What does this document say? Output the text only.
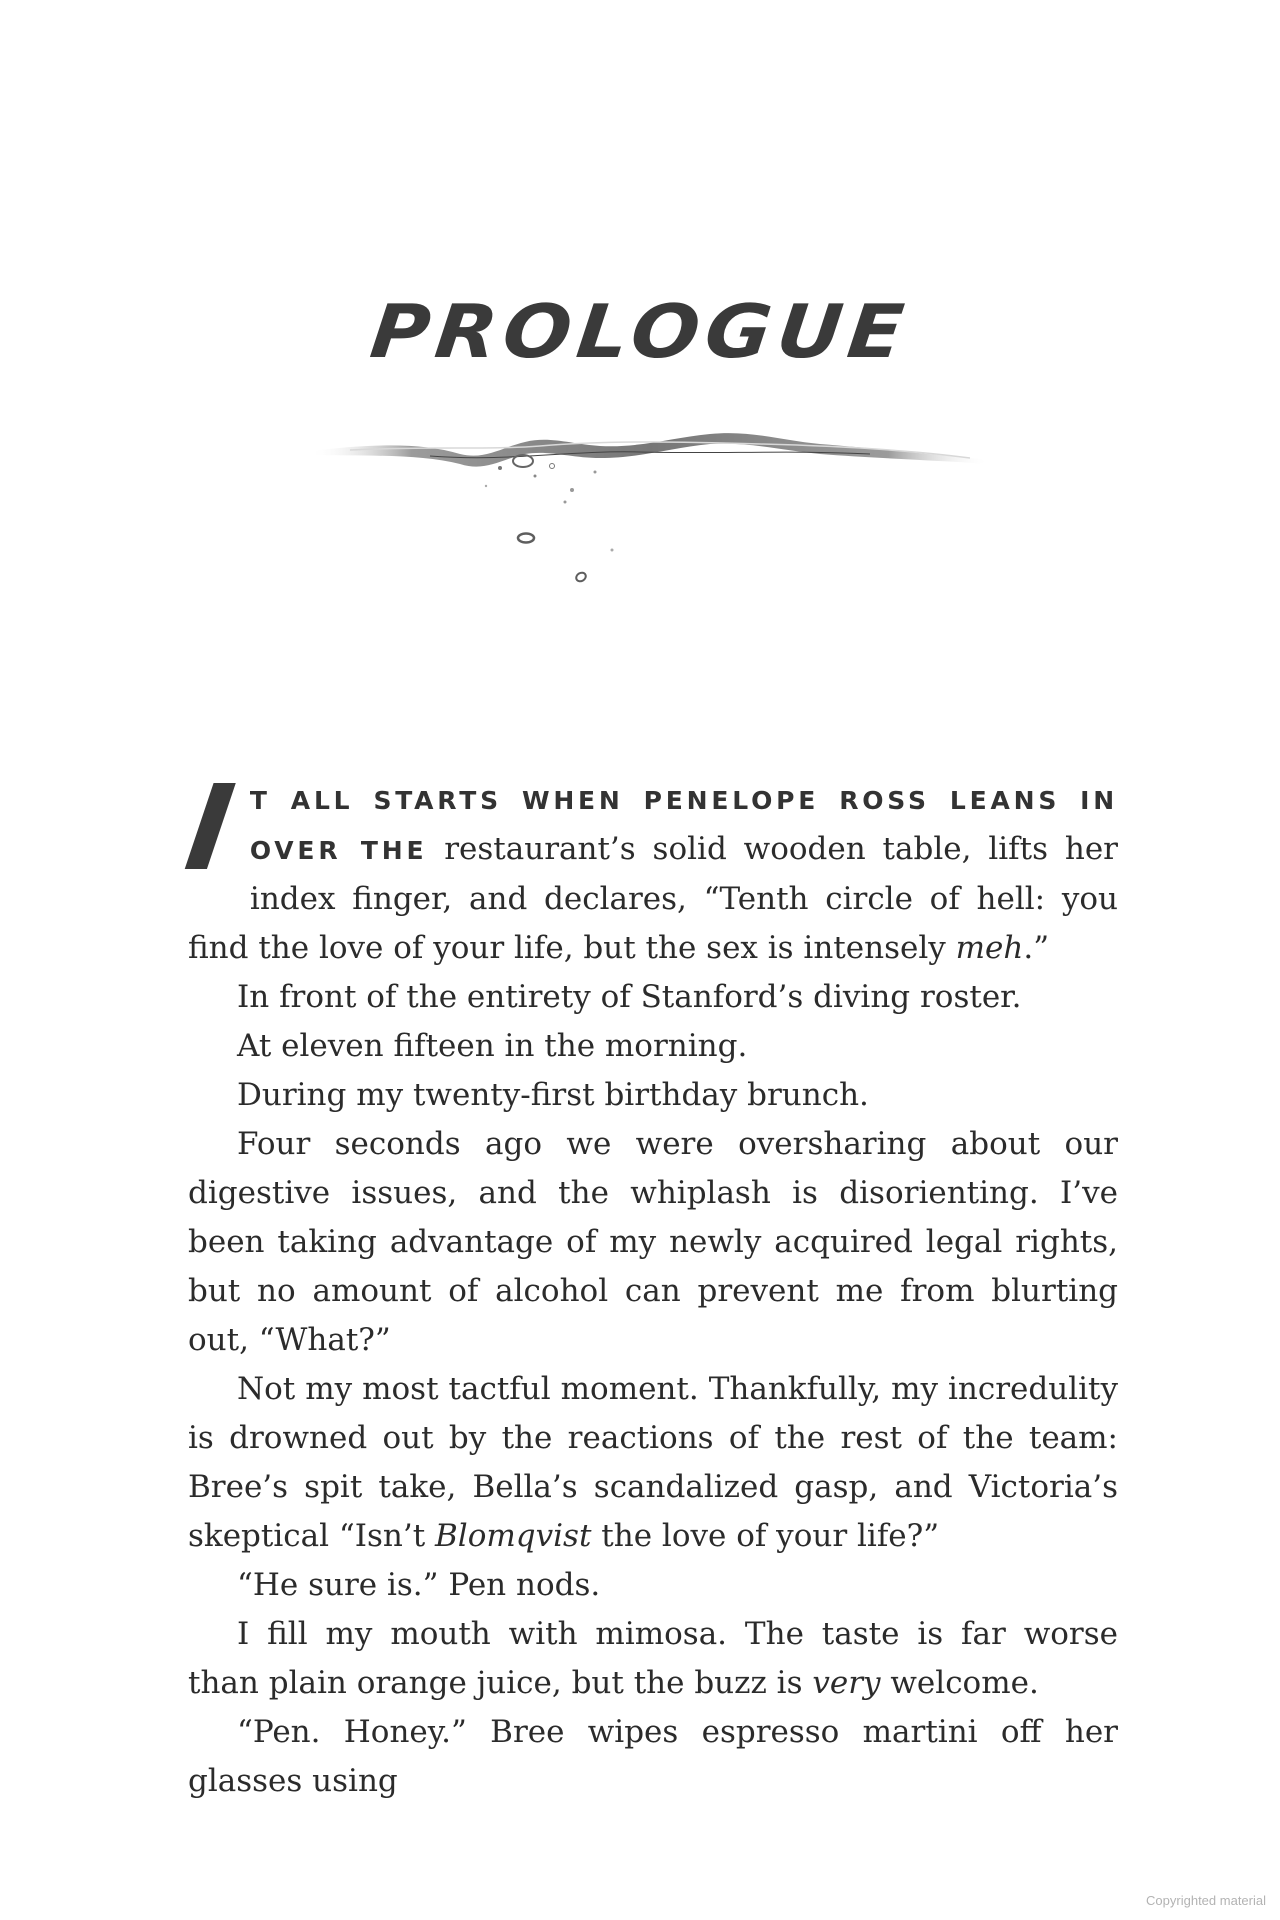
PROLOGUE

I T ALL STARTS WHEN PENELOPE ROSS LEANS IN OVER THE restaurant’s solid wooden table, lifts her index finger, and declares, “Tenth circle of hell: you find the love of your life, but the sex is intensely meh.”

In front of the entirety of Stanford’s diving roster.

At eleven fifteen in the morning.

During my twenty-first birthday brunch.

Four seconds ago we were oversharing about our digestive issues, and the whiplash is disorienting. I’ve been taking advantage of my newly acquired legal rights, but no amount of alcohol can prevent me from blurting out, “What?”

Not my most tactful moment. Thankfully, my incredulity is drowned out by the reactions of the rest of the team: Bree’s spit take, Bella’s scandalized gasp, and Victoria’s skeptical “Isn’t Blomqvist the love of your life?”

“He sure is.” Pen nods.

I fill my mouth with mimosa. The taste is far worse than plain orange juice, but the buzz is very welcome.

“Pen. Honey.” Bree wipes espresso martini off her glasses using

Copyrighted material
